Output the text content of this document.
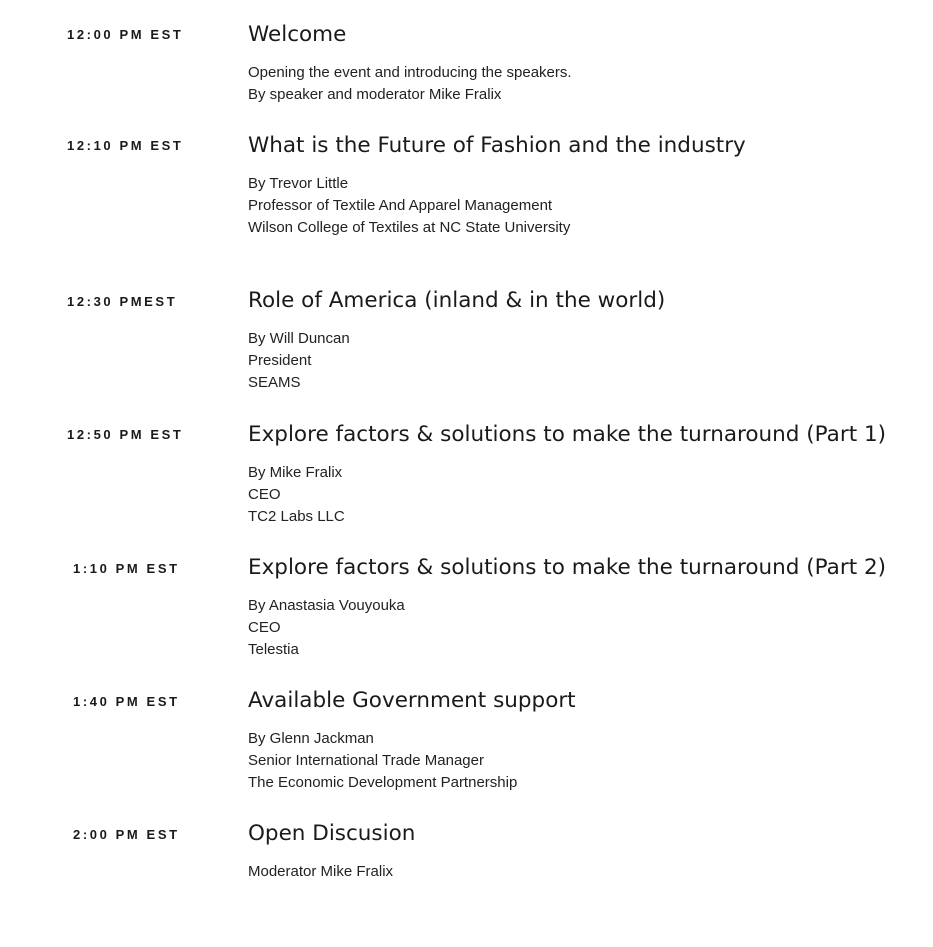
12:00 PM EST	Welcome
Opening the event and introducing the speakers.
By speaker and moderator Mike Fralix
12:10 PM EST	What is the Future of Fashion and the industry
By Trevor Little
Professor of Textile And Apparel Management
Wilson College of Textiles at NC State University
12:30 PMEST	Role of America (inland & in the world)
By Will Duncan
President
SEAMS
12:50 PM EST	Explore factors & solutions to make the turnaround (Part 1)
By Mike Fralix
CEO
TC2 Labs LLC
1:10 PM EST	Explore factors & solutions to make the turnaround (Part 2)
By Anastasia Vouyouka
CEO
Telestia
1:40 PM EST	Available Government support
By Glenn Jackman
Senior International Trade Manager
The Economic Development Partnership
2:00 PM EST	Open Discusion
Moderator Mike Fralix
